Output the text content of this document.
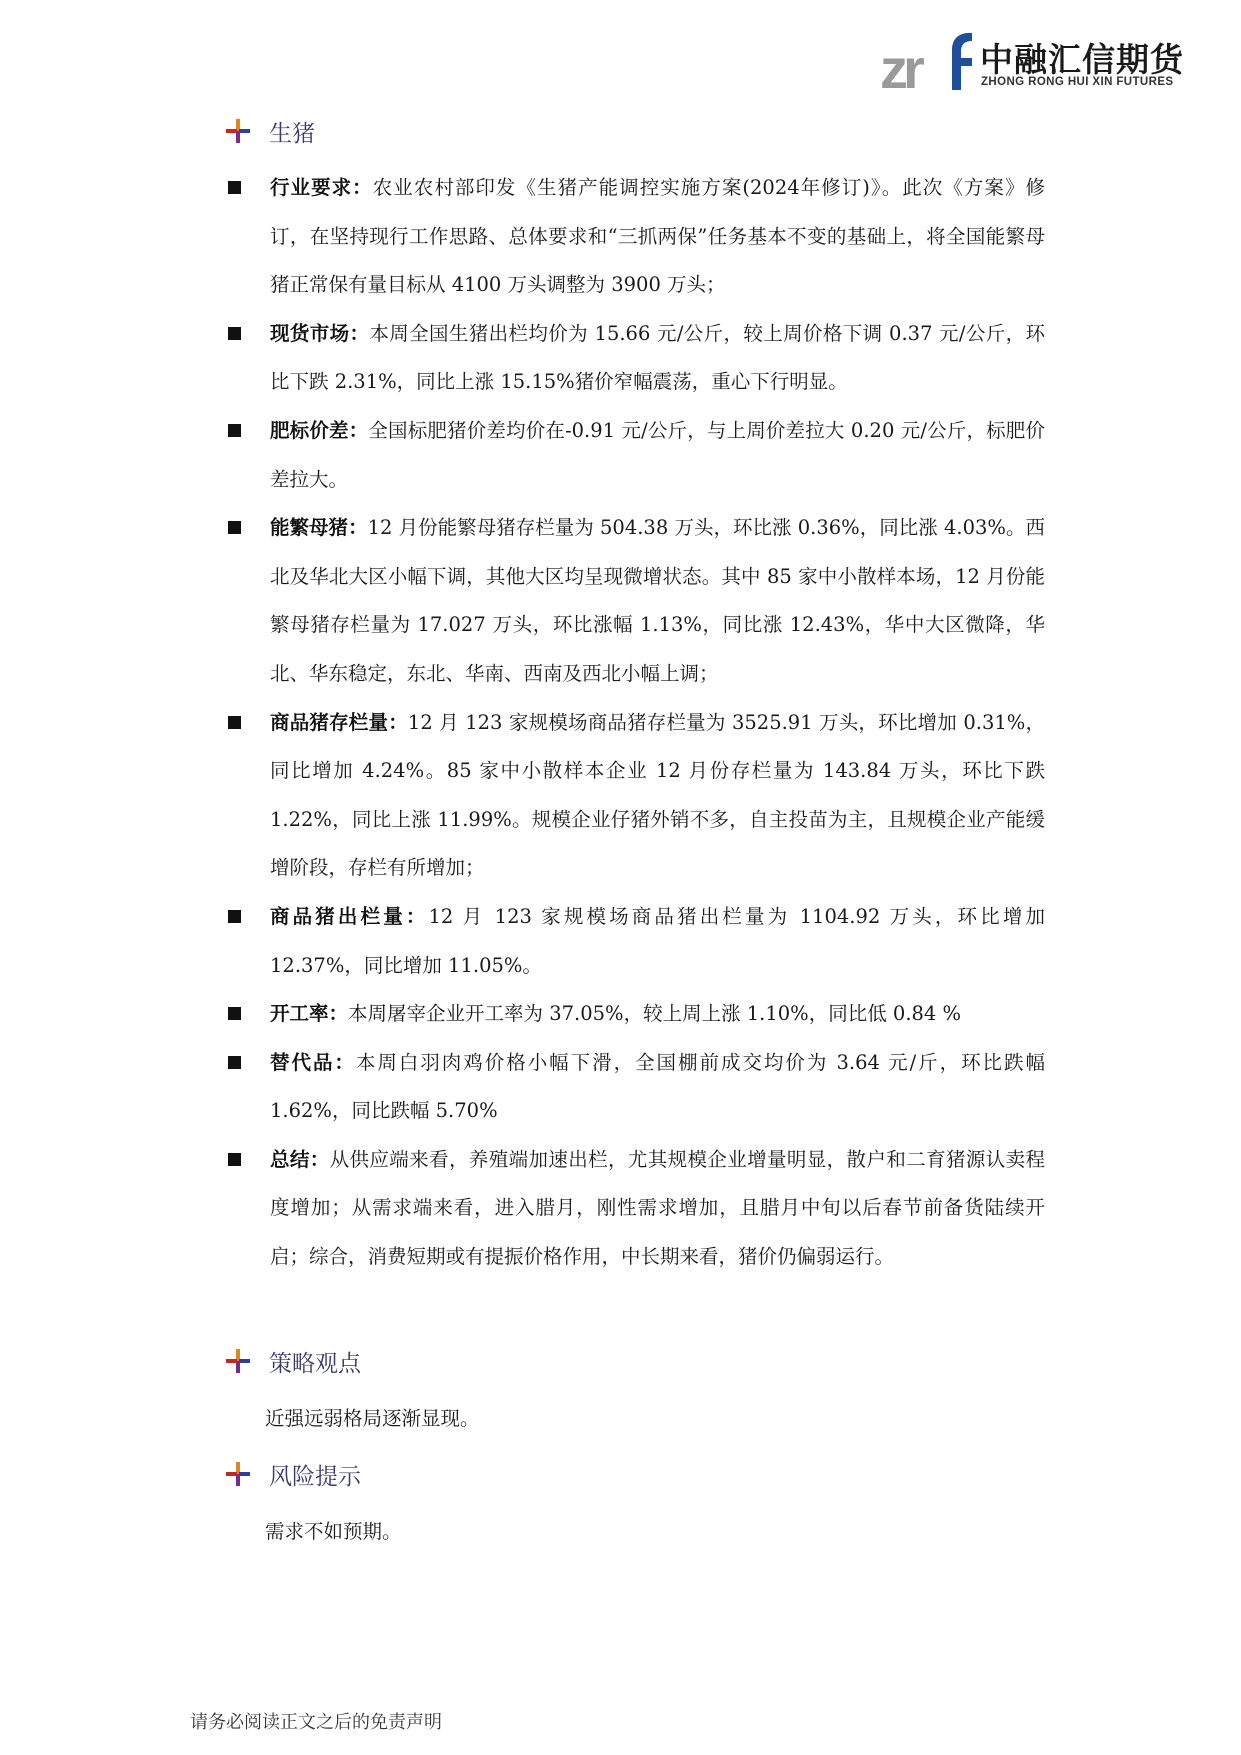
zr 中融汇信期货
ZHONG RONG HUI XIN FUTURES
生猪
行业要求：农业农村部印发《生猪产能调控实施方案(2024年修订)》。此次《方案》修订，在坚持现行工作思路、总体要求和“三抓两保”任务基本不变的基础上，将全国能繁母猪正常保有量目标从 4100 万头调整为 3900 万头；
现货市场：本周全国生猪出栏均价为 15.66 元/公斤，较上周价格下调 0.37 元/公斤，环比下跌 2.31%，同比上涨 15.15%猪价窄幅震荡，重心下行明显。
肥标价差：全国标肥猪价差均价在-0.91 元/公斤，与上周价差拉大 0.20 元/公斤，标肥价差拉大。
能繁母猪：12 月份能繁母猪存栏量为 504.38 万头，环比涨 0.36%，同比涨 4.03%。西北及华北大区小幅下调，其他大区均呈现微增状态。其中 85 家中小散样本场，12 月份能繁母猪存栏量为 17.027 万头，环比涨幅 1.13%，同比涨 12.43%，华中大区微降，华北、华东稳定，东北、华南、西南及西北小幅上调；
商品猪存栏量：12 月 123 家规模场商品猪存栏量为 3525.91 万头，环比增加 0.31%，同比增加 4.24%。85 家中小散样本企业 12 月份存栏量为 143.84 万头，环比下跌 1.22%，同比上涨 11.99%。规模企业仔猪外销不多，自主投苗为主，且规模企业产能缓增阶段，存栏有所增加；
商品猪出栏量：12 月 123 家规模场商品猪出栏量为 1104.92 万头，环比增加 12.37%，同比增加 11.05%。
开工率：本周屠宰企业开工率为 37.05%，较上周上涨 1.10%，同比低 0.84 %
替代品：本周白羽肉鸡价格小幅下滑，全国棚前成交均价为 3.64 元/斤，环比跌幅 1.62%，同比跌幅 5.70%
总结：从供应端来看，养殖端加速出栏，尤其规模企业增量明显，散户和二育猪源认卖程度增加；从需求端来看，进入腊月，刚性需求增加，且腊月中旬以后春节前备货陆续开启；综合，消费短期或有提振价格作用，中长期来看，猪价仍偏弱运行。
策略观点
近强远弱格局逐渐显现。
风险提示
需求不如预期。
请务必阅读正文之后的免责声明
